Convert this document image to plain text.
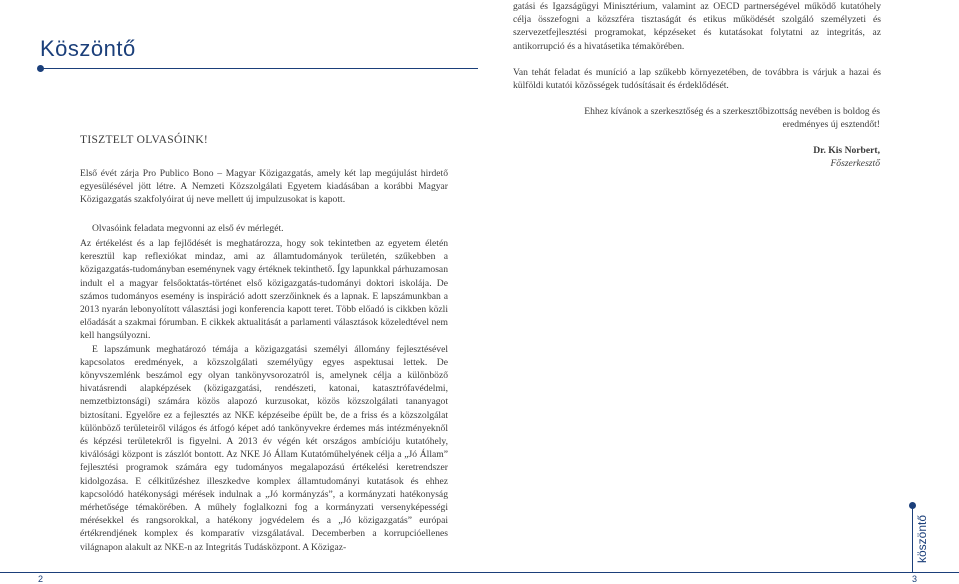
Köszöntő
TISZTELT OLVASÓINK!
Első évét zárja Pro Publico Bono – Magyar Közigazgatás, amely két lap megújulást hirdető egyesülésével jött létre. A Nemzeti Közszolgálati Egyetem kiadásában a korábbi Magyar Közigazgatás szakfolyóirat új neve mellett új impulzusokat is kapott.
Olvasóink feladata megvonni az első év mérlegét.

Az értékelést és a lap fejlődését is meghatározza, hogy sok tekintetben az egyetem életén keresztül kap reflexiókat mindaz, ami az államtudományok területén, szűkebben a közigazgatás-tudományban eseménynek vagy értéknek tekinthető. Így lapunkkal párhuzamosan indult el a magyar felsőoktatás-történet első közigazgatás-tudományi doktori iskolája. De számos tudományos esemény is inspiráció adott szerzőinknek és a lapnak. E lapszámunkban a 2013 nyarán lebonyolított választási jogi konferencia kapott teret. Több előadó is cikkben közli előadását a szakmai fórumban. E cikkek aktualitását a parlamenti választások közeledtével nem kell hangsúlyozni.

E lapszámunk meghatározó témája a közigazgatási személyi állomány fejlesztésével kapcsolatos eredmények, a közszolgálati személyügy egyes aspektusai lettek. De könyvszemlénk beszámol egy olyan tankönyvsorozatról is, amelynek célja a különböző hivatásrendi alapképzések (közigazgatási, rendészeti, katonai, katasztrófavédelmi, nemzetbiztonsági) számára közös alapozó kurzusokat, közös közszolgálati tananyagot biztosítani. Egyelőre ez a fejlesztés az NKE képzéseibe épült be, de a friss és a közszolgálat különböző területeiről világos és átfogó képet adó tankönyvekre érdemes más intézményeknől és képzési területekről is figyelni. A 2013 év végén két országos ambícióju kutatóhely, kiválósági központ is zászlót bontott. Az NKE Jó Állam Kutatóműhelyének célja a „Jó Állam” fejlesztési programok számára egy tudományos megalapozású értékelési keretrendszer kidolgozása. E célkitűzéshez illeszkedve komplex államtudományi kutatások és ehhez kapcsolódó hatékonysági mérések indulnak a „Jó kormányzás”, a kormányzati hatékonyság mérhetősége témakörében. A műhely foglalkozni fog a kormányzati versenyképességi mérésekkel és rangsorokkal, a hatékony jogvédelem és a „Jó közigazgatás” európai értékrendjének komplex és komparatív vizsgálatával. Decemberben a korrupcióellenes világnapon alakult az NKE-n az Integritás Tudásközpont. A Közigaz-

gatási és Igazságügyi Minisztérium, valamint az OECD partnerségével működő kutatóhely célja összefogni a közszféra tisztaságát és etikus működését szolgáló személyzeti és szervezetfejlesztési programokat, képzéseket és kutatásokat folytatni az integritás, az antikorrupció és a hivatásetika témakörében.
Van tehát feladat és muníció a lap szűkebb környezetében, de továbbra is várjuk a hazai és külföldi kutatói közösségek tudósításait és érdeklődését.
Ehhez kívánok a szerkesztőség és a szerkesztőbizottság nevében is boldog és eredményes új esztendőt!
Dr. Kis Norbert,
Főszerkesztő
köszöntő
2	3
